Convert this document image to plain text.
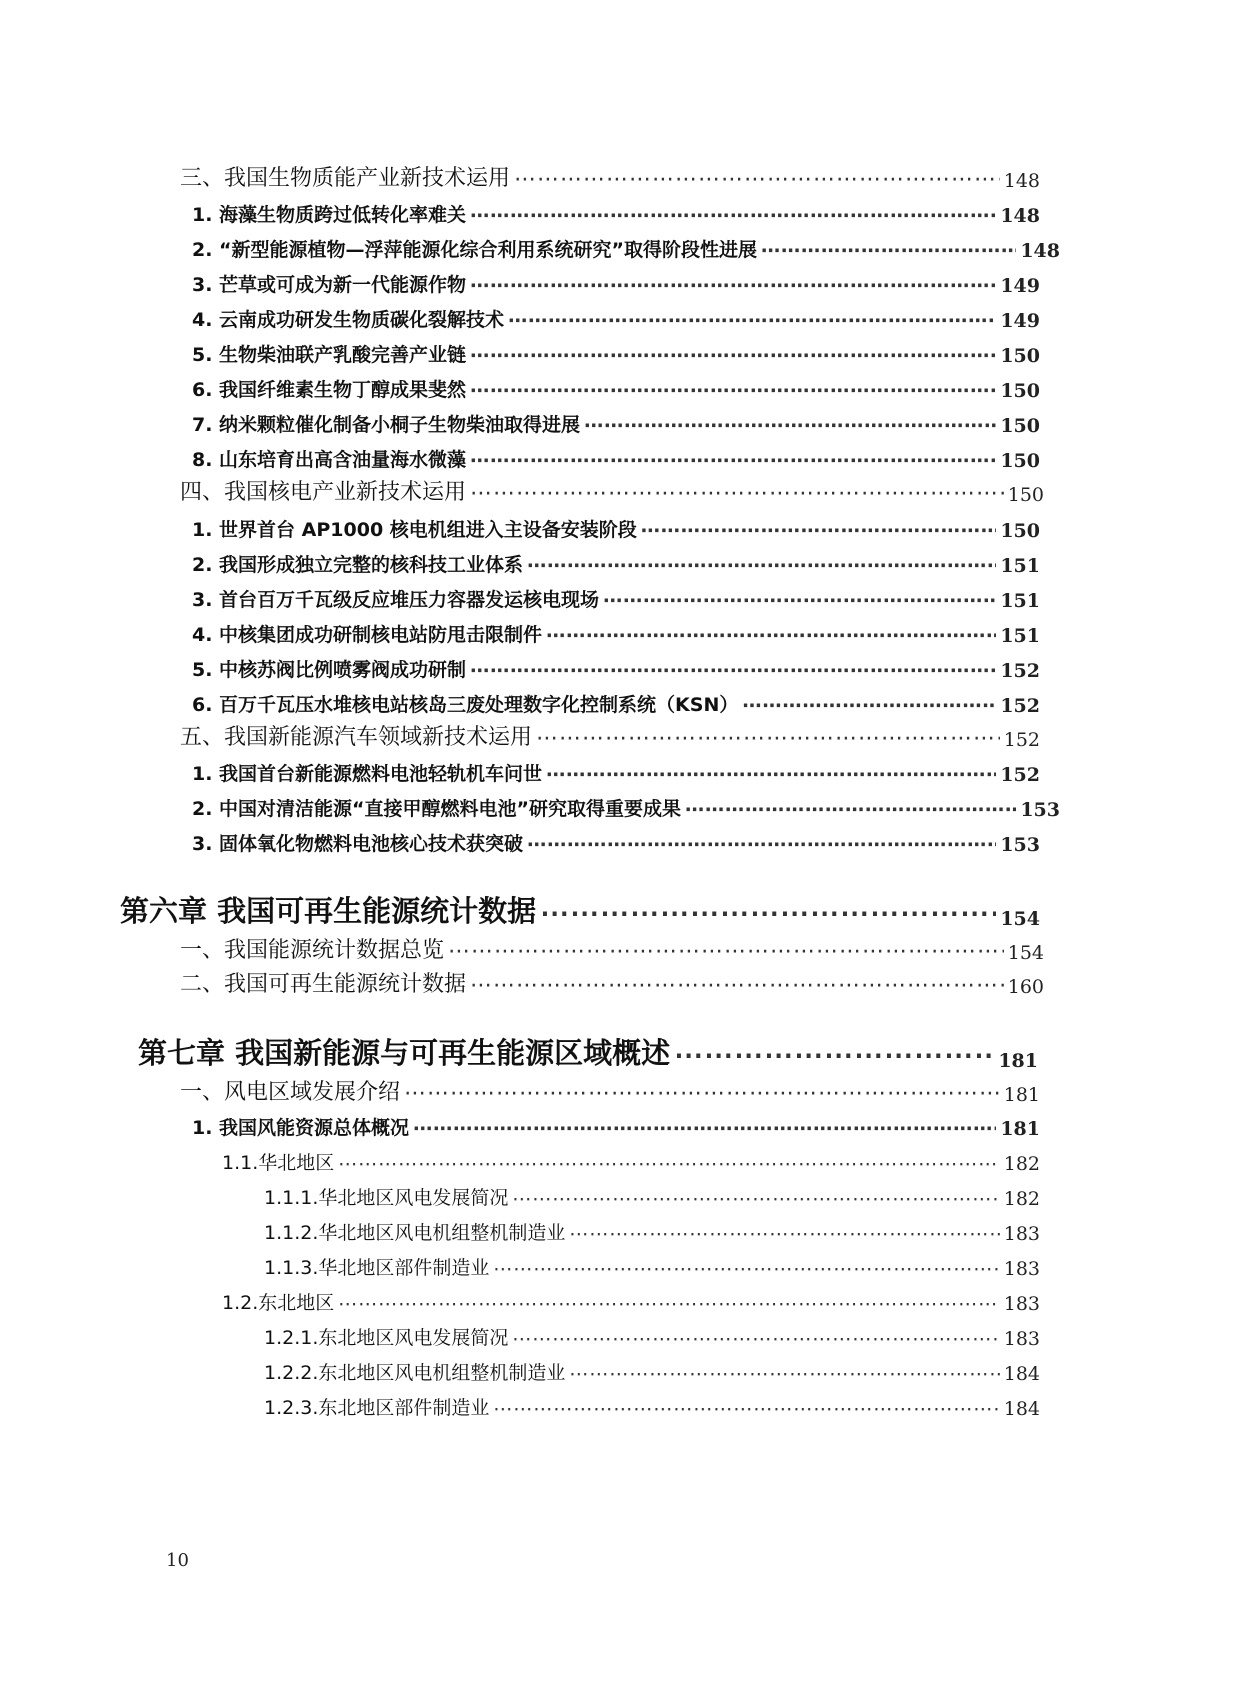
三、我国生物质能产业新技术运用 ⋯⋯⋯⋯⋯⋯⋯⋯⋯⋯⋯⋯⋯⋯⋯⋯⋯⋯⋯⋯⋯⋯⋯⋯⋯⋯⋯⋯⋯⋯⋯⋯⋯⋯⋯⋯⋯⋯⋯⋯⋯⋯⋯⋯⋯⋯⋯⋯⋯⋯⋯⋯⋯⋯⋯⋯⋯⋯⋯⋯⋯⋯⋯⋯⋯⋯⋯⋯⋯⋯⋯⋯⋯⋯⋯⋯⋯⋯⋯⋯	148
1. 海藻生物质跨过低转化率难关 ⋯⋯⋯⋯⋯⋯⋯⋯⋯⋯⋯⋯⋯⋯⋯⋯⋯⋯⋯⋯⋯⋯⋯⋯⋯⋯⋯⋯⋯⋯⋯⋯⋯⋯⋯⋯⋯⋯⋯⋯⋯⋯⋯⋯⋯⋯⋯⋯⋯⋯⋯⋯⋯⋯⋯⋯⋯⋯⋯⋯⋯⋯⋯⋯⋯⋯⋯⋯⋯⋯⋯⋯⋯⋯⋯⋯⋯⋯⋯⋯	148
2. “新型能源植物—浮萍能源化综合利用系统研究”取得阶段性进展 ⋯⋯⋯⋯⋯⋯⋯⋯⋯⋯⋯⋯⋯⋯⋯⋯⋯⋯⋯⋯⋯⋯⋯⋯⋯⋯⋯⋯⋯⋯⋯⋯⋯⋯⋯⋯⋯⋯⋯⋯⋯⋯⋯⋯⋯⋯⋯⋯⋯⋯⋯⋯⋯⋯⋯⋯⋯⋯⋯⋯⋯⋯⋯⋯⋯⋯⋯⋯⋯⋯⋯⋯⋯⋯⋯⋯⋯⋯⋯⋯	148
3. 芒草或可成为新一代能源作物 ⋯⋯⋯⋯⋯⋯⋯⋯⋯⋯⋯⋯⋯⋯⋯⋯⋯⋯⋯⋯⋯⋯⋯⋯⋯⋯⋯⋯⋯⋯⋯⋯⋯⋯⋯⋯⋯⋯⋯⋯⋯⋯⋯⋯⋯⋯⋯⋯⋯⋯⋯⋯⋯⋯⋯⋯⋯⋯⋯⋯⋯⋯⋯⋯⋯⋯⋯⋯⋯⋯⋯⋯⋯⋯⋯⋯⋯⋯⋯⋯	149
4. 云南成功研发生物质碳化裂解技术 ⋯⋯⋯⋯⋯⋯⋯⋯⋯⋯⋯⋯⋯⋯⋯⋯⋯⋯⋯⋯⋯⋯⋯⋯⋯⋯⋯⋯⋯⋯⋯⋯⋯⋯⋯⋯⋯⋯⋯⋯⋯⋯⋯⋯⋯⋯⋯⋯⋯⋯⋯⋯⋯⋯⋯⋯⋯⋯⋯⋯⋯⋯⋯⋯⋯⋯⋯⋯⋯⋯⋯⋯⋯⋯⋯⋯⋯⋯⋯⋯	149
5. 生物柴油联产乳酸完善产业链 ⋯⋯⋯⋯⋯⋯⋯⋯⋯⋯⋯⋯⋯⋯⋯⋯⋯⋯⋯⋯⋯⋯⋯⋯⋯⋯⋯⋯⋯⋯⋯⋯⋯⋯⋯⋯⋯⋯⋯⋯⋯⋯⋯⋯⋯⋯⋯⋯⋯⋯⋯⋯⋯⋯⋯⋯⋯⋯⋯⋯⋯⋯⋯⋯⋯⋯⋯⋯⋯⋯⋯⋯⋯⋯⋯⋯⋯⋯⋯⋯	150
6. 我国纤维素生物丁醇成果斐然 ⋯⋯⋯⋯⋯⋯⋯⋯⋯⋯⋯⋯⋯⋯⋯⋯⋯⋯⋯⋯⋯⋯⋯⋯⋯⋯⋯⋯⋯⋯⋯⋯⋯⋯⋯⋯⋯⋯⋯⋯⋯⋯⋯⋯⋯⋯⋯⋯⋯⋯⋯⋯⋯⋯⋯⋯⋯⋯⋯⋯⋯⋯⋯⋯⋯⋯⋯⋯⋯⋯⋯⋯⋯⋯⋯⋯⋯⋯⋯⋯	150
7. 纳米颗粒催化制备小桐子生物柴油取得进展 ⋯⋯⋯⋯⋯⋯⋯⋯⋯⋯⋯⋯⋯⋯⋯⋯⋯⋯⋯⋯⋯⋯⋯⋯⋯⋯⋯⋯⋯⋯⋯⋯⋯⋯⋯⋯⋯⋯⋯⋯⋯⋯⋯⋯⋯⋯⋯⋯⋯⋯⋯⋯⋯⋯⋯⋯⋯⋯⋯⋯⋯⋯⋯⋯⋯⋯⋯⋯⋯⋯⋯⋯⋯⋯⋯⋯⋯⋯⋯⋯	150
8. 山东培育出高含油量海水微藻 ⋯⋯⋯⋯⋯⋯⋯⋯⋯⋯⋯⋯⋯⋯⋯⋯⋯⋯⋯⋯⋯⋯⋯⋯⋯⋯⋯⋯⋯⋯⋯⋯⋯⋯⋯⋯⋯⋯⋯⋯⋯⋯⋯⋯⋯⋯⋯⋯⋯⋯⋯⋯⋯⋯⋯⋯⋯⋯⋯⋯⋯⋯⋯⋯⋯⋯⋯⋯⋯⋯⋯⋯⋯⋯⋯⋯⋯⋯⋯⋯	150
四、我国核电产业新技术运用 ⋯⋯⋯⋯⋯⋯⋯⋯⋯⋯⋯⋯⋯⋯⋯⋯⋯⋯⋯⋯⋯⋯⋯⋯⋯⋯⋯⋯⋯⋯⋯⋯⋯⋯⋯⋯⋯⋯⋯⋯⋯⋯⋯⋯⋯⋯⋯⋯⋯⋯⋯⋯⋯⋯⋯⋯⋯⋯⋯⋯⋯⋯⋯⋯⋯⋯⋯⋯⋯⋯⋯⋯⋯⋯⋯⋯⋯⋯⋯⋯	150
1. 世界首台 AP1000 核电机组进入主设备安装阶段 ⋯⋯⋯⋯⋯⋯⋯⋯⋯⋯⋯⋯⋯⋯⋯⋯⋯⋯⋯⋯⋯⋯⋯⋯⋯⋯⋯⋯⋯⋯⋯⋯⋯⋯⋯⋯⋯⋯⋯⋯⋯⋯⋯⋯⋯⋯⋯⋯⋯⋯⋯⋯⋯⋯⋯⋯⋯⋯⋯⋯⋯⋯⋯⋯⋯⋯⋯⋯⋯⋯⋯⋯⋯⋯⋯⋯⋯⋯⋯⋯	150
2. 我国形成独立完整的核科技工业体系 ⋯⋯⋯⋯⋯⋯⋯⋯⋯⋯⋯⋯⋯⋯⋯⋯⋯⋯⋯⋯⋯⋯⋯⋯⋯⋯⋯⋯⋯⋯⋯⋯⋯⋯⋯⋯⋯⋯⋯⋯⋯⋯⋯⋯⋯⋯⋯⋯⋯⋯⋯⋯⋯⋯⋯⋯⋯⋯⋯⋯⋯⋯⋯⋯⋯⋯⋯⋯⋯⋯⋯⋯⋯⋯⋯⋯⋯⋯⋯⋯	151
3. 首台百万千瓦级反应堆压力容器发运核电现场 ⋯⋯⋯⋯⋯⋯⋯⋯⋯⋯⋯⋯⋯⋯⋯⋯⋯⋯⋯⋯⋯⋯⋯⋯⋯⋯⋯⋯⋯⋯⋯⋯⋯⋯⋯⋯⋯⋯⋯⋯⋯⋯⋯⋯⋯⋯⋯⋯⋯⋯⋯⋯⋯⋯⋯⋯⋯⋯⋯⋯⋯⋯⋯⋯⋯⋯⋯⋯⋯⋯⋯⋯⋯⋯⋯⋯⋯⋯⋯⋯	151
4. 中核集团成功研制核电站防甩击限制件 ⋯⋯⋯⋯⋯⋯⋯⋯⋯⋯⋯⋯⋯⋯⋯⋯⋯⋯⋯⋯⋯⋯⋯⋯⋯⋯⋯⋯⋯⋯⋯⋯⋯⋯⋯⋯⋯⋯⋯⋯⋯⋯⋯⋯⋯⋯⋯⋯⋯⋯⋯⋯⋯⋯⋯⋯⋯⋯⋯⋯⋯⋯⋯⋯⋯⋯⋯⋯⋯⋯⋯⋯⋯⋯⋯⋯⋯⋯⋯⋯	151
5. 中核苏阀比例喷雾阀成功研制 ⋯⋯⋯⋯⋯⋯⋯⋯⋯⋯⋯⋯⋯⋯⋯⋯⋯⋯⋯⋯⋯⋯⋯⋯⋯⋯⋯⋯⋯⋯⋯⋯⋯⋯⋯⋯⋯⋯⋯⋯⋯⋯⋯⋯⋯⋯⋯⋯⋯⋯⋯⋯⋯⋯⋯⋯⋯⋯⋯⋯⋯⋯⋯⋯⋯⋯⋯⋯⋯⋯⋯⋯⋯⋯⋯⋯⋯⋯⋯⋯	152
6. 百万千瓦压水堆核电站核岛三废处理数字化控制系统（KSN） ⋯⋯⋯⋯⋯⋯⋯⋯⋯⋯⋯⋯⋯⋯⋯⋯⋯⋯⋯⋯⋯⋯⋯⋯⋯⋯⋯⋯⋯⋯⋯⋯⋯⋯⋯⋯⋯⋯⋯⋯⋯⋯⋯⋯⋯⋯⋯⋯⋯⋯⋯⋯⋯⋯⋯⋯⋯⋯⋯⋯⋯⋯⋯⋯⋯⋯⋯⋯⋯⋯⋯⋯⋯⋯⋯⋯⋯⋯⋯⋯	152
五、我国新能源汽车领域新技术运用 ⋯⋯⋯⋯⋯⋯⋯⋯⋯⋯⋯⋯⋯⋯⋯⋯⋯⋯⋯⋯⋯⋯⋯⋯⋯⋯⋯⋯⋯⋯⋯⋯⋯⋯⋯⋯⋯⋯⋯⋯⋯⋯⋯⋯⋯⋯⋯⋯⋯⋯⋯⋯⋯⋯⋯⋯⋯⋯⋯⋯⋯⋯⋯⋯⋯⋯⋯⋯⋯⋯⋯⋯⋯⋯⋯⋯⋯⋯⋯⋯	152
1. 我国首台新能源燃料电池轻轨机车问世 ⋯⋯⋯⋯⋯⋯⋯⋯⋯⋯⋯⋯⋯⋯⋯⋯⋯⋯⋯⋯⋯⋯⋯⋯⋯⋯⋯⋯⋯⋯⋯⋯⋯⋯⋯⋯⋯⋯⋯⋯⋯⋯⋯⋯⋯⋯⋯⋯⋯⋯⋯⋯⋯⋯⋯⋯⋯⋯⋯⋯⋯⋯⋯⋯⋯⋯⋯⋯⋯⋯⋯⋯⋯⋯⋯⋯⋯⋯⋯⋯	152
2. 中国对清洁能源“直接甲醇燃料电池”研究取得重要成果 ⋯⋯⋯⋯⋯⋯⋯⋯⋯⋯⋯⋯⋯⋯⋯⋯⋯⋯⋯⋯⋯⋯⋯⋯⋯⋯⋯⋯⋯⋯⋯⋯⋯⋯⋯⋯⋯⋯⋯⋯⋯⋯⋯⋯⋯⋯⋯⋯⋯⋯⋯⋯⋯⋯⋯⋯⋯⋯⋯⋯⋯⋯⋯⋯⋯⋯⋯⋯⋯⋯⋯⋯⋯⋯⋯⋯⋯⋯⋯⋯	153
3. 固体氧化物燃料电池核心技术获突破 ⋯⋯⋯⋯⋯⋯⋯⋯⋯⋯⋯⋯⋯⋯⋯⋯⋯⋯⋯⋯⋯⋯⋯⋯⋯⋯⋯⋯⋯⋯⋯⋯⋯⋯⋯⋯⋯⋯⋯⋯⋯⋯⋯⋯⋯⋯⋯⋯⋯⋯⋯⋯⋯⋯⋯⋯⋯⋯⋯⋯⋯⋯⋯⋯⋯⋯⋯⋯⋯⋯⋯⋯⋯⋯⋯⋯⋯⋯⋯⋯	153
第六章 我国可再生能源统计数据 ⋯⋯⋯⋯⋯⋯⋯⋯⋯⋯⋯⋯⋯⋯⋯⋯⋯⋯⋯⋯⋯⋯⋯⋯⋯⋯⋯⋯⋯⋯⋯⋯⋯⋯⋯⋯⋯⋯⋯⋯⋯⋯⋯⋯⋯⋯⋯⋯⋯⋯⋯⋯⋯⋯⋯⋯⋯⋯⋯⋯⋯⋯⋯⋯⋯⋯⋯⋯⋯⋯⋯⋯⋯⋯⋯⋯⋯⋯⋯⋯	154
一、我国能源统计数据总览 ⋯⋯⋯⋯⋯⋯⋯⋯⋯⋯⋯⋯⋯⋯⋯⋯⋯⋯⋯⋯⋯⋯⋯⋯⋯⋯⋯⋯⋯⋯⋯⋯⋯⋯⋯⋯⋯⋯⋯⋯⋯⋯⋯⋯⋯⋯⋯⋯⋯⋯⋯⋯⋯⋯⋯⋯⋯⋯⋯⋯⋯⋯⋯⋯⋯⋯⋯⋯⋯⋯⋯⋯⋯⋯⋯⋯⋯⋯⋯⋯	154
二、我国可再生能源统计数据 ⋯⋯⋯⋯⋯⋯⋯⋯⋯⋯⋯⋯⋯⋯⋯⋯⋯⋯⋯⋯⋯⋯⋯⋯⋯⋯⋯⋯⋯⋯⋯⋯⋯⋯⋯⋯⋯⋯⋯⋯⋯⋯⋯⋯⋯⋯⋯⋯⋯⋯⋯⋯⋯⋯⋯⋯⋯⋯⋯⋯⋯⋯⋯⋯⋯⋯⋯⋯⋯⋯⋯⋯⋯⋯⋯⋯⋯⋯⋯⋯	160
第七章 我国新能源与可再生能源区域概述 ⋯⋯⋯⋯⋯⋯⋯⋯⋯⋯⋯⋯⋯⋯⋯⋯⋯⋯⋯⋯⋯⋯⋯⋯⋯⋯⋯⋯⋯⋯⋯⋯⋯⋯⋯⋯⋯⋯⋯⋯⋯⋯⋯⋯⋯⋯⋯⋯⋯⋯⋯⋯⋯⋯⋯⋯⋯⋯⋯⋯⋯⋯⋯⋯⋯⋯⋯⋯⋯⋯⋯⋯⋯⋯⋯⋯⋯⋯⋯⋯	181
一、风电区域发展介绍 ⋯⋯⋯⋯⋯⋯⋯⋯⋯⋯⋯⋯⋯⋯⋯⋯⋯⋯⋯⋯⋯⋯⋯⋯⋯⋯⋯⋯⋯⋯⋯⋯⋯⋯⋯⋯⋯⋯⋯⋯⋯⋯⋯⋯⋯⋯⋯⋯⋯⋯⋯⋯⋯⋯⋯⋯⋯⋯⋯⋯⋯⋯⋯⋯⋯⋯⋯⋯⋯⋯⋯⋯⋯⋯⋯⋯⋯⋯⋯⋯	181
1. 我国风能资源总体概况 ⋯⋯⋯⋯⋯⋯⋯⋯⋯⋯⋯⋯⋯⋯⋯⋯⋯⋯⋯⋯⋯⋯⋯⋯⋯⋯⋯⋯⋯⋯⋯⋯⋯⋯⋯⋯⋯⋯⋯⋯⋯⋯⋯⋯⋯⋯⋯⋯⋯⋯⋯⋯⋯⋯⋯⋯⋯⋯⋯⋯⋯⋯⋯⋯⋯⋯⋯⋯⋯⋯⋯⋯⋯⋯⋯⋯⋯⋯⋯⋯	181
1.1.华北地区 ⋯⋯⋯⋯⋯⋯⋯⋯⋯⋯⋯⋯⋯⋯⋯⋯⋯⋯⋯⋯⋯⋯⋯⋯⋯⋯⋯⋯⋯⋯⋯⋯⋯⋯⋯⋯⋯⋯⋯⋯⋯⋯⋯⋯⋯⋯⋯⋯⋯⋯⋯⋯⋯⋯⋯⋯⋯⋯⋯⋯⋯⋯⋯⋯⋯⋯⋯⋯⋯⋯⋯⋯⋯⋯⋯⋯⋯⋯⋯⋯	182
1.1.1.华北地区风电发展简况 ⋯⋯⋯⋯⋯⋯⋯⋯⋯⋯⋯⋯⋯⋯⋯⋯⋯⋯⋯⋯⋯⋯⋯⋯⋯⋯⋯⋯⋯⋯⋯⋯⋯⋯⋯⋯⋯⋯⋯⋯⋯⋯⋯⋯⋯⋯⋯⋯⋯⋯⋯⋯⋯⋯⋯⋯⋯⋯⋯⋯⋯⋯⋯⋯⋯⋯⋯⋯⋯⋯⋯⋯⋯⋯⋯⋯⋯⋯⋯⋯	182
1.1.2.华北地区风电机组整机制造业 ⋯⋯⋯⋯⋯⋯⋯⋯⋯⋯⋯⋯⋯⋯⋯⋯⋯⋯⋯⋯⋯⋯⋯⋯⋯⋯⋯⋯⋯⋯⋯⋯⋯⋯⋯⋯⋯⋯⋯⋯⋯⋯⋯⋯⋯⋯⋯⋯⋯⋯⋯⋯⋯⋯⋯⋯⋯⋯⋯⋯⋯⋯⋯⋯⋯⋯⋯⋯⋯⋯⋯⋯⋯⋯⋯⋯⋯⋯⋯⋯	183
1.1.3.华北地区部件制造业 ⋯⋯⋯⋯⋯⋯⋯⋯⋯⋯⋯⋯⋯⋯⋯⋯⋯⋯⋯⋯⋯⋯⋯⋯⋯⋯⋯⋯⋯⋯⋯⋯⋯⋯⋯⋯⋯⋯⋯⋯⋯⋯⋯⋯⋯⋯⋯⋯⋯⋯⋯⋯⋯⋯⋯⋯⋯⋯⋯⋯⋯⋯⋯⋯⋯⋯⋯⋯⋯⋯⋯⋯⋯⋯⋯⋯⋯⋯⋯⋯	183
1.2.东北地区 ⋯⋯⋯⋯⋯⋯⋯⋯⋯⋯⋯⋯⋯⋯⋯⋯⋯⋯⋯⋯⋯⋯⋯⋯⋯⋯⋯⋯⋯⋯⋯⋯⋯⋯⋯⋯⋯⋯⋯⋯⋯⋯⋯⋯⋯⋯⋯⋯⋯⋯⋯⋯⋯⋯⋯⋯⋯⋯⋯⋯⋯⋯⋯⋯⋯⋯⋯⋯⋯⋯⋯⋯⋯⋯⋯⋯⋯⋯⋯⋯	183
1.2.1.东北地区风电发展简况 ⋯⋯⋯⋯⋯⋯⋯⋯⋯⋯⋯⋯⋯⋯⋯⋯⋯⋯⋯⋯⋯⋯⋯⋯⋯⋯⋯⋯⋯⋯⋯⋯⋯⋯⋯⋯⋯⋯⋯⋯⋯⋯⋯⋯⋯⋯⋯⋯⋯⋯⋯⋯⋯⋯⋯⋯⋯⋯⋯⋯⋯⋯⋯⋯⋯⋯⋯⋯⋯⋯⋯⋯⋯⋯⋯⋯⋯⋯⋯⋯	183
1.2.2.东北地区风电机组整机制造业 ⋯⋯⋯⋯⋯⋯⋯⋯⋯⋯⋯⋯⋯⋯⋯⋯⋯⋯⋯⋯⋯⋯⋯⋯⋯⋯⋯⋯⋯⋯⋯⋯⋯⋯⋯⋯⋯⋯⋯⋯⋯⋯⋯⋯⋯⋯⋯⋯⋯⋯⋯⋯⋯⋯⋯⋯⋯⋯⋯⋯⋯⋯⋯⋯⋯⋯⋯⋯⋯⋯⋯⋯⋯⋯⋯⋯⋯⋯⋯⋯	184
1.2.3.东北地区部件制造业 ⋯⋯⋯⋯⋯⋯⋯⋯⋯⋯⋯⋯⋯⋯⋯⋯⋯⋯⋯⋯⋯⋯⋯⋯⋯⋯⋯⋯⋯⋯⋯⋯⋯⋯⋯⋯⋯⋯⋯⋯⋯⋯⋯⋯⋯⋯⋯⋯⋯⋯⋯⋯⋯⋯⋯⋯⋯⋯⋯⋯⋯⋯⋯⋯⋯⋯⋯⋯⋯⋯⋯⋯⋯⋯⋯⋯⋯⋯⋯⋯	184
10
